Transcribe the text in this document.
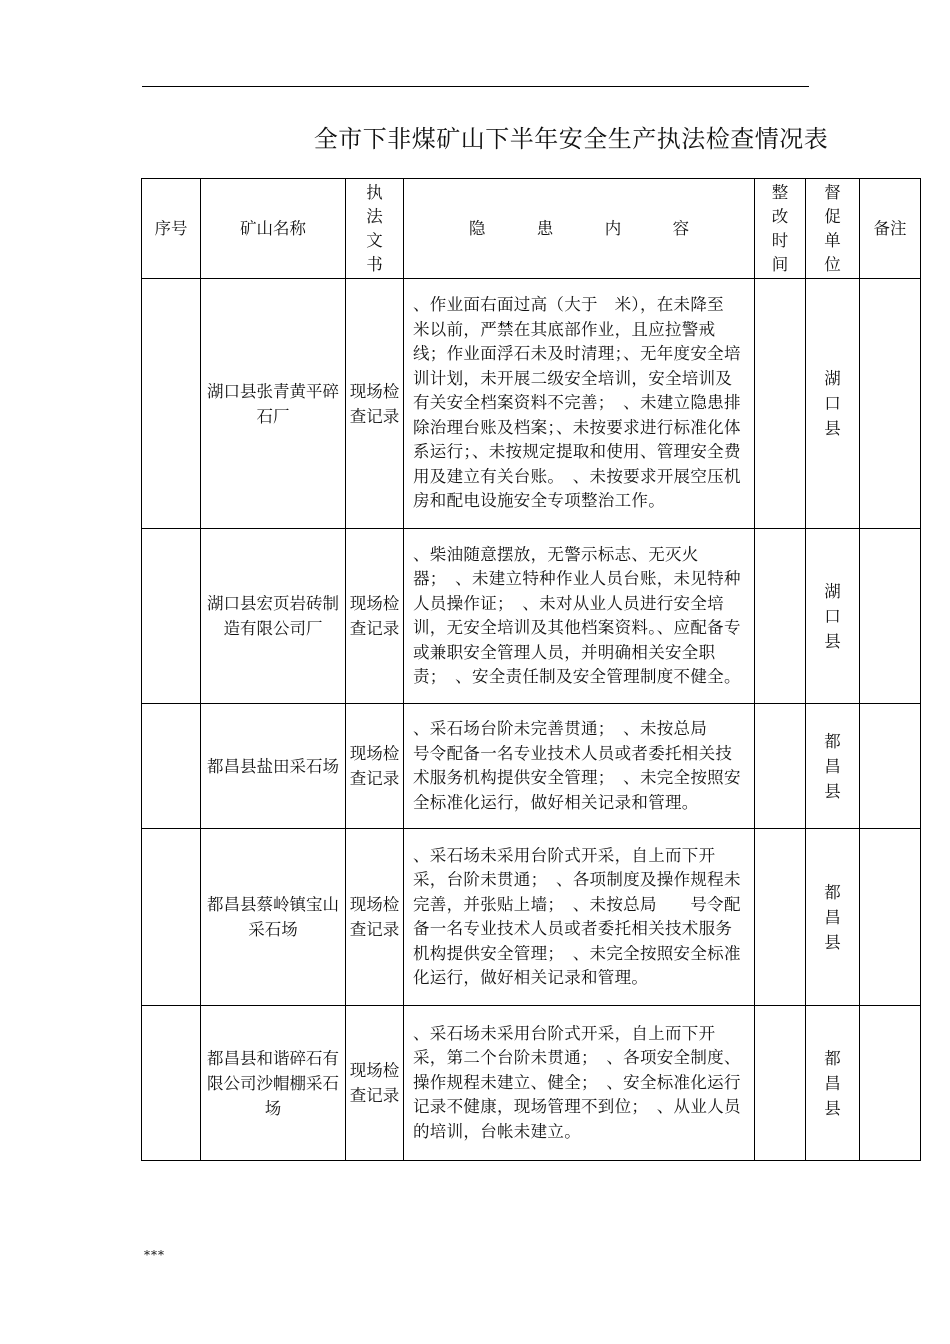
全市下非煤矿山下半年安全生产执法检查情况表
序号	矿山名称	执法文书	隐 患 内 容	整改时间	督促单位	备注
	湖口县张青黄平碎石厂	现场检查记录	、作业面右面过高（大于　米），在未降至　米以前，严禁在其底部作业，且应拉警戒线；作业面浮石未及时清理；、无年度安全培训计划，未开展二级安全培训，安全培训及有关安全档案资料不完善；　、未建立隐患排除治理台账及档案；、未按要求进行标准化体系运行；、未按规定提取和使用、管理安全费用及建立有关台账。　、未按要求开展空压机房和配电设施安全专项整治工作。		湖口县	

	湖口县宏页岩砖制造有限公司厂	现场检查记录	、柴油随意摆放，无警示标志、无灭火器；　、未建立特种作业人员台账，未见特种人员操作证；　、未对从业人员进行安全培训，无安全培训及其他档案资料。、应配备专或兼职安全管理人员，并明确相关安全职责；　、安全责任制及安全管理制度不健全。		湖口县	

	都昌县盐田采石场	现场检查记录	、采石场台阶未完善贯通；　、未按总局　　号令配备一名专业技术人员或者委托相关技术服务机构提供安全管理；　、未完全按照安全标准化运行，做好相关记录和管理。		都昌县	

	都昌县蔡岭镇宝山采石场	现场检查记录	、采石场未采用台阶式开采，自上而下开采，台阶未贯通；　、各项制度及操作规程未完善，并张贴上墙；　、未按总局　　号令配备一名专业技术人员或者委托相关技术服务机构提供安全管理；　、未完全按照安全标准化运行，做好相关记录和管理。		都昌县	

	都昌县和谐碎石有限公司沙帽棚采石场	现场检查记录	、采石场未采用台阶式开采，自上而下开采，第二个台阶未贯通；　、各项安全制度、操作规程未建立、健全；　、安全标准化运行记录不健康，现场管理不到位；　、从业人员的培训，台帐未建立。		都昌县	

***
